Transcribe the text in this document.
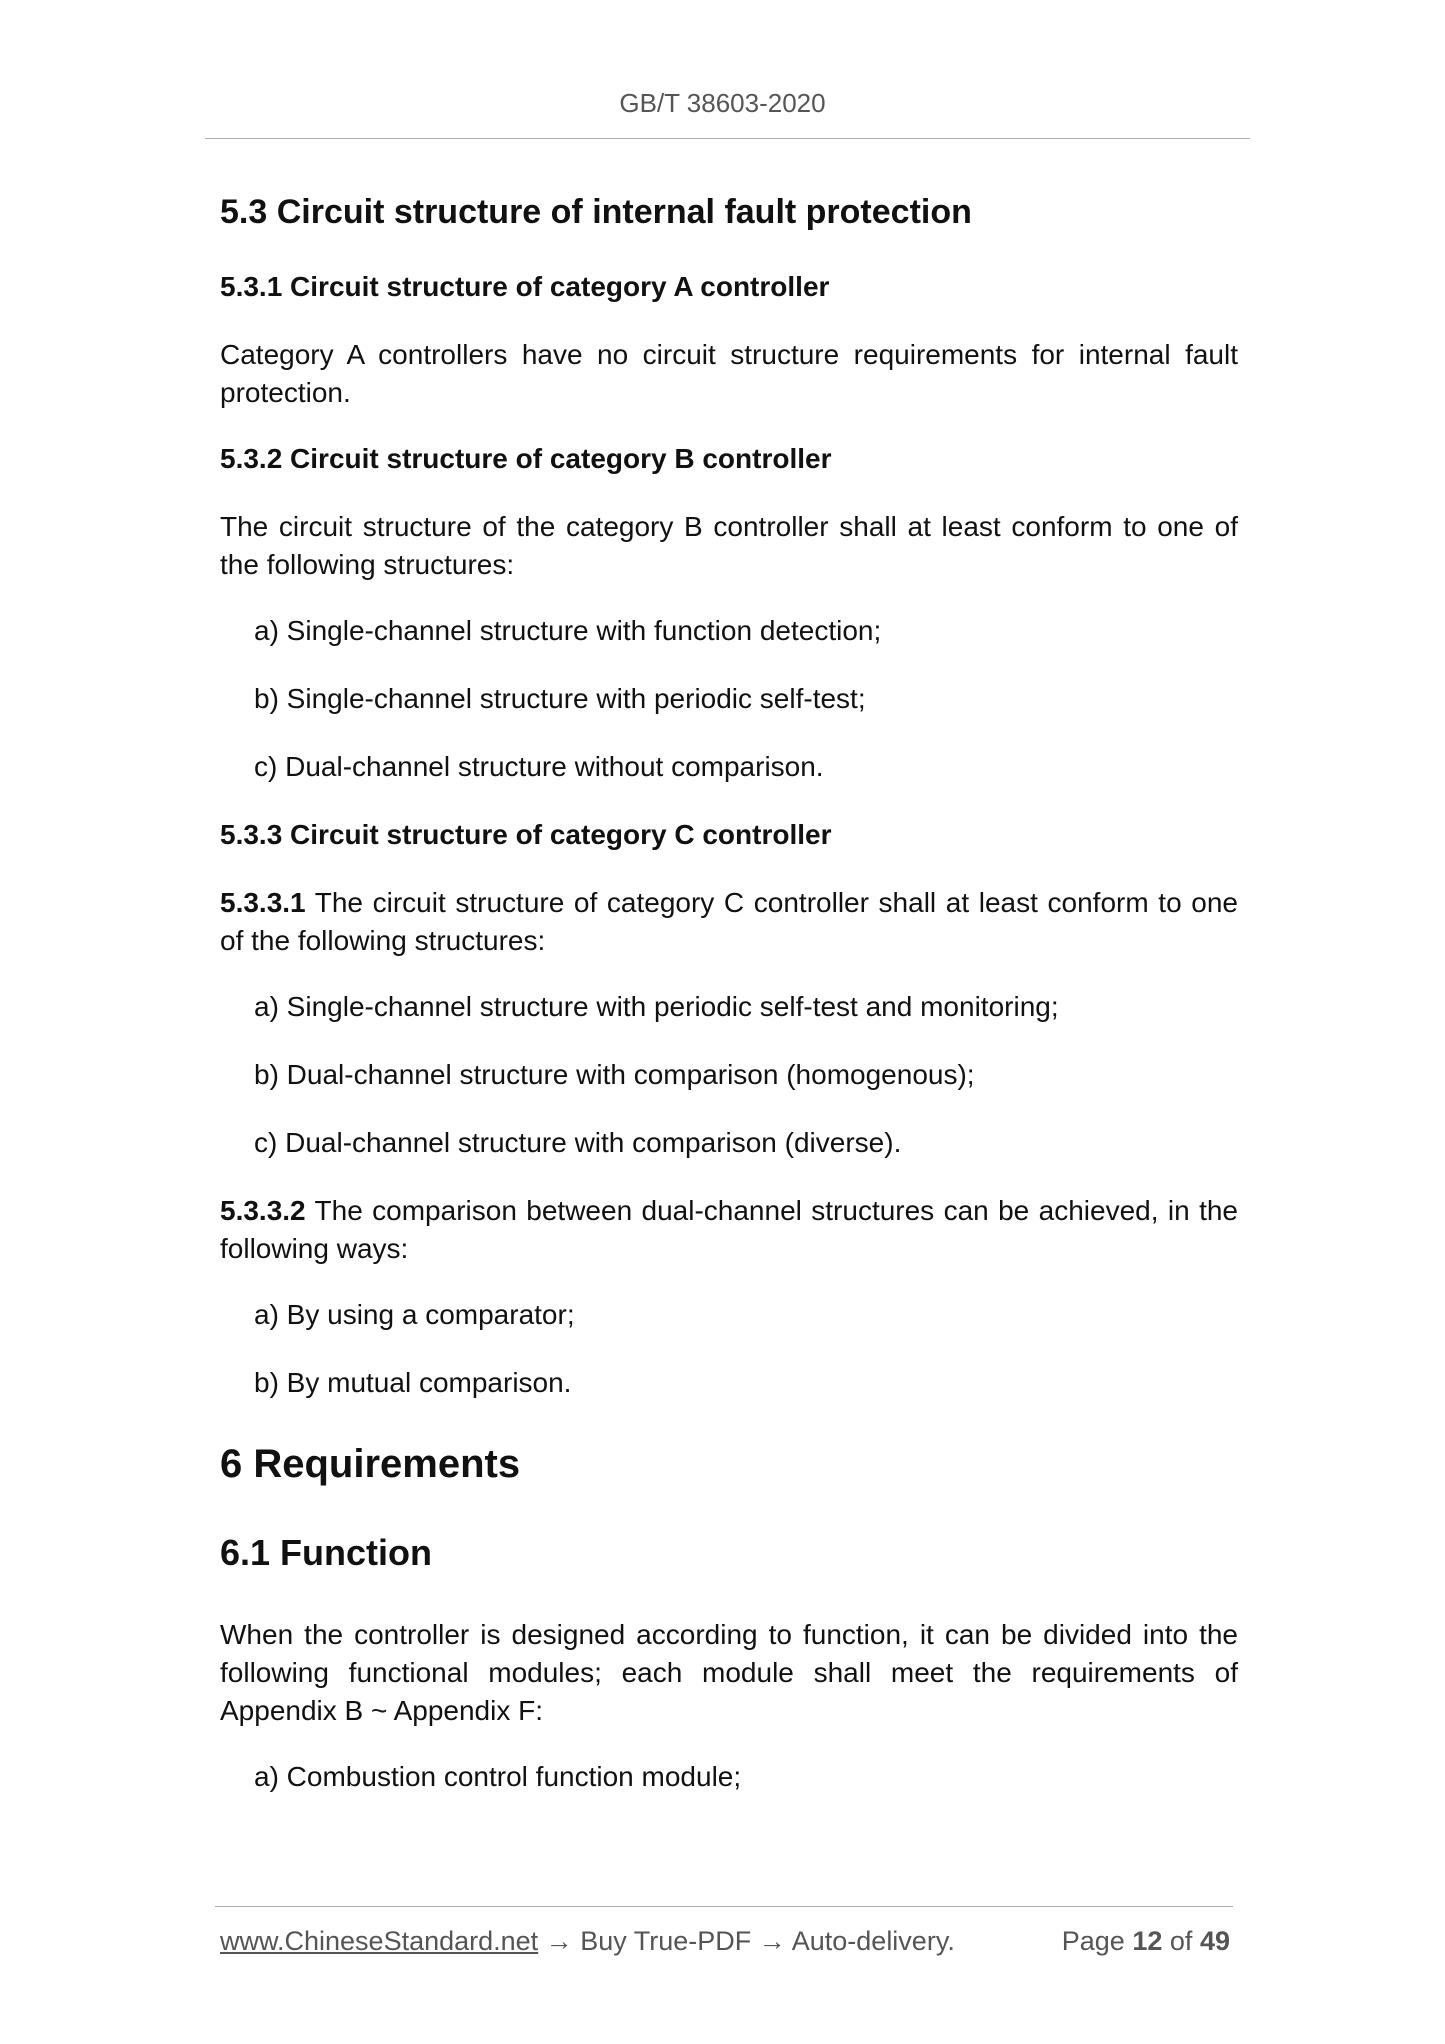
GB/T 38603-2020
5.3 Circuit structure of internal fault protection
5.3.1 Circuit structure of category A controller
Category A controllers have no circuit structure requirements for internal fault protection.
5.3.2 Circuit structure of category B controller
The circuit structure of the category B controller shall at least conform to one of the following structures:
a) Single-channel structure with function detection;
b) Single-channel structure with periodic self-test;
c) Dual-channel structure without comparison.
5.3.3 Circuit structure of category C controller
5.3.3.1 The circuit structure of category C controller shall at least conform to one of the following structures:
a) Single-channel structure with periodic self-test and monitoring;
b) Dual-channel structure with comparison (homogenous);
c) Dual-channel structure with comparison (diverse).
5.3.3.2 The comparison between dual-channel structures can be achieved, in the following ways:
a) By using a comparator;
b) By mutual comparison.
6 Requirements
6.1 Function
When the controller is designed according to function, it can be divided into the following functional modules; each module shall meet the requirements of Appendix B ~ Appendix F:
a) Combustion control function module;
www.ChineseStandard.net → Buy True-PDF → Auto-delivery.	Page 12 of 49
